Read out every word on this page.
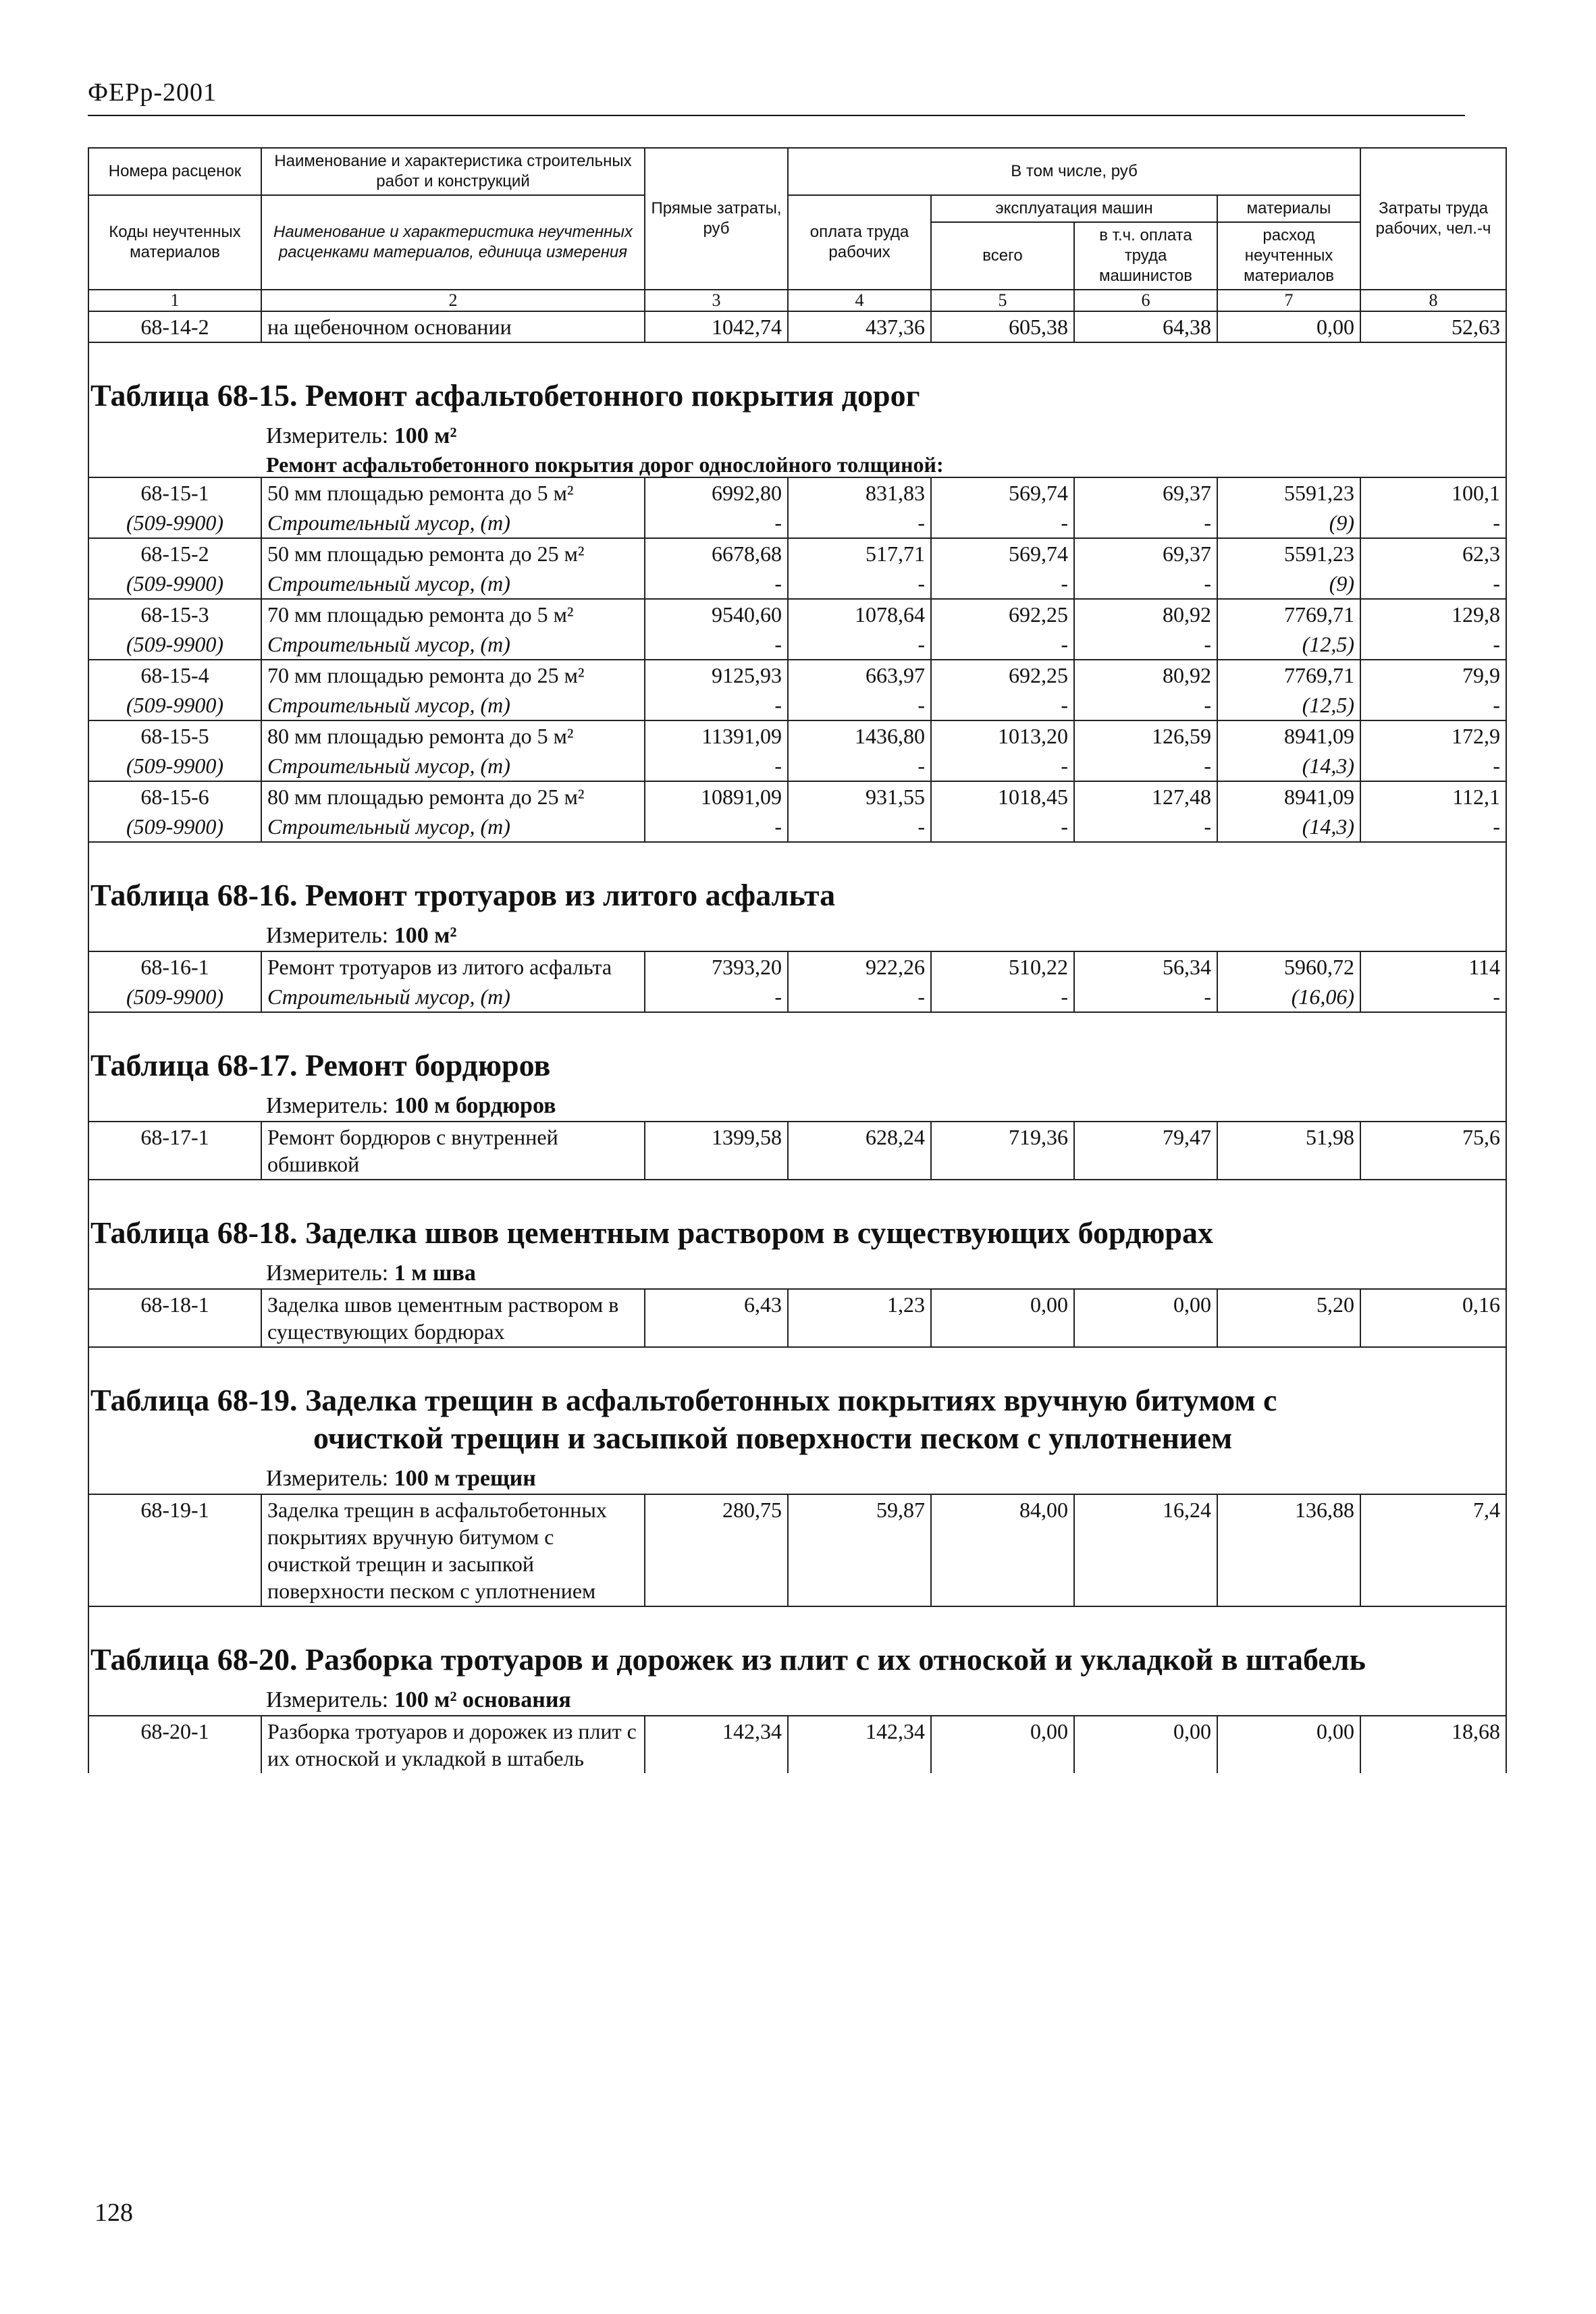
ФЕРр-2001
Номера расценок	Наименование и характеристика строительных работ и конструкций	Прямые затраты, руб	В том числе, руб				Затраты труда рабочих, чел.-ч
Коды неучтенных материалов	Наименование и характеристика неучтенных расценками материалов, единица измерения		оплата труда рабочих	эксплуатация машин		материалы	
				всего	в т.ч. оплата труда машинистов	расход неучтенных материалов	
1	2	3	4	5	6	7	8
68-14-2	на щебеночном основании	1042,74	437,36	605,38	64,38	0,00	52,63

Таблица 68-15. Ремонт асфальтобетонного покрытия дорог
Измеритель: 100 м²
Ремонт асфальтобетонного покрытия дорог однослойного толщиной:							

68-15-1	50 мм площадью ремонта до 5 м²	6992,80	831,83	569,74	69,37	5591,23	100,1
(509-9900)	Строительный мусор, (т)	-	-	-	-	(9)	-
68-15-2	50 мм площадью ремонта до 25 м²	6678,68	517,71	569,74	69,37	5591,23	62,3
(509-9900)	Строительный мусор, (т)	-	-	-	-	(9)	-
68-15-3	70 мм площадью ремонта до 5 м²	9540,60	1078,64	692,25	80,92	7769,71	129,8
(509-9900)	Строительный мусор, (т)	-	-	-	-	(12,5)	-
68-15-4	70 мм площадью ремонта до 25 м²	9125,93	663,97	692,25	80,92	7769,71	79,9
(509-9900)	Строительный мусор, (т)	-	-	-	-	(12,5)	-
68-15-5	80 мм площадью ремонта до 5 м²	11391,09	1436,80	1013,20	126,59	8941,09	172,9
(509-9900)	Строительный мусор, (т)	-	-	-	-	(14,3)	-
68-15-6	80 мм площадью ремонта до 25 м²	10891,09	931,55	1018,45	127,48	8941,09	112,1
(509-9900)	Строительный мусор, (т)	-	-	-	-	(14,3)	-

Таблица 68-16. Ремонт тротуаров из литого асфальта
Измеритель: 100 м²							

68-16-1	Ремонт тротуаров из литого асфальта	7393,20	922,26	510,22	56,34	5960,72	114
(509-9900)	Строительный мусор, (т)	-	-	-	-	(16,06)	-

Таблица 68-17. Ремонт бордюров
Измеритель: 100 м бордюров							

68-17-1	Ремонт бордюров с внутренней обшивкой	1399,58	628,24	719,36	79,47	51,98	75,6

Таблица 68-18. Заделка швов цементным раствором в существующих бордюрах
Измеритель: 1 м шва							

68-18-1	Заделка швов цементным раствором в существующих бордюрах	6,43	1,23	0,00	0,00	5,20	0,16

Таблица 68-19. Заделка трещин в асфальтобетонных покрытиях вручную битумом с
очисткой трещин и засыпкой поверхности песком с уплотнением
Измеритель: 100 м трещин							

68-19-1	Заделка трещин в асфальтобетонных покрытиях вручную битумом с очисткой трещин и засыпкой поверхности песком с уплотнением	280,75	59,87	84,00	16,24	136,88	7,4

Таблица 68-20. Разборка тротуаров и дорожек из плит с их отноской и укладкой в штабель
Измеритель: 100 м² основания							

68-20-1	Разборка тротуаров и дорожек из плит с их отноской и укладкой в штабель	142,34	142,34	0,00	0,00	0,00	18,68
128
